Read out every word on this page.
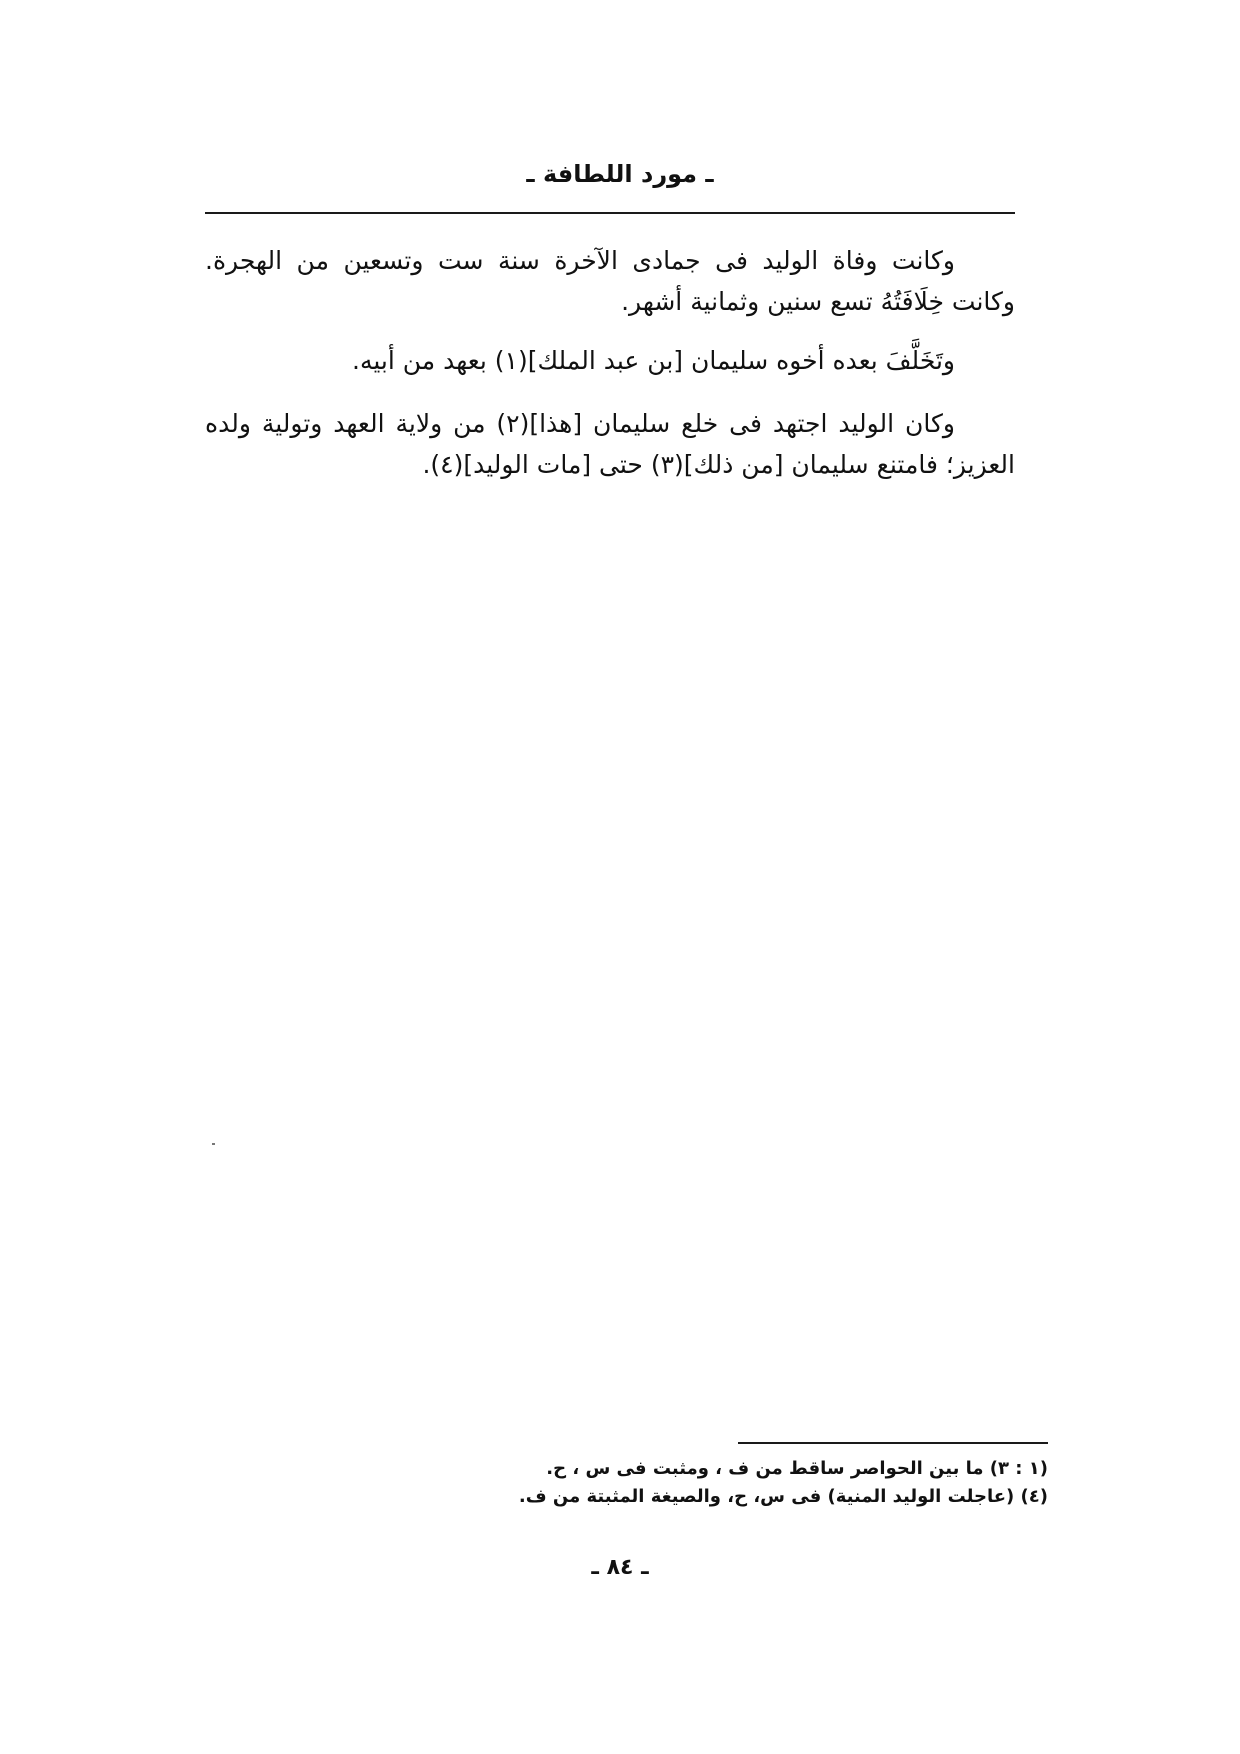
ـ مورد اللطافة ـ

وكانت وفاة الوليد فى جمادى الآخرة سنة ست وتسعين من الهجرة. وكانت خِلَافَتُهُ تسع سنين وثمانية أشهر.

وتَخَلَّفَ بعده أخوه سليمان [بن عبد الملك](١) بعهد من أبيه.

وكان الوليد اجتهد فى خلع سليمان [هذا](٢) من ولاية العهد وتولية ولده العزيز؛ فامتنع سليمان [من ذلك](٣) حتى [مات الوليد](٤).

(١ : ٣) ما بين الحواصر ساقط من ف ، ومثبت فى س ، ح.
(٤) (عاجلت الوليد المنية) فى س، ح، والصيغة المثبتة من ف.
ـ ٨٤ ـ
